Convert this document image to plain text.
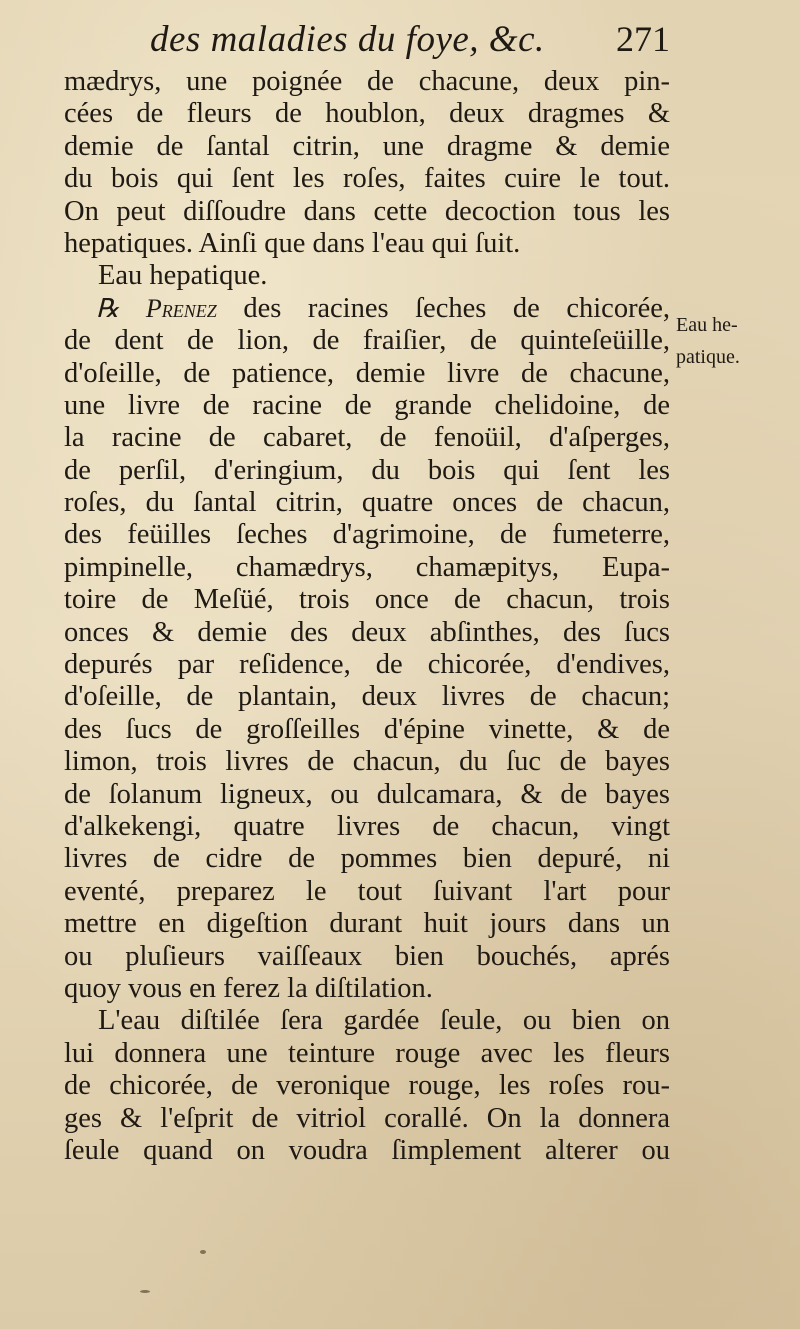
des maladies du foye, &c. 271
mædrys, une poignée de chacune, deux pin-
cées de fleurs de houblon, deux dragmes &
demie de ſantal citrin, une dragme & demie
du bois qui ſent les roſes, faites cuire le tout.
On peut diſſoudre dans cette decoction tous les
hepatiques. Ainſi que dans l'eau qui ſuit.
Eau hepatique.
℞ Prenez des racines ſeches de chicorée,
de dent de lion, de fraiſier, de quinteſeüille,
d'oſeille, de patience, demie livre de chacune,
une livre de racine de grande chelidoine, de
la racine de cabaret, de fenoüil, d'aſperges,
de perſil, d'eringium, du bois qui ſent les
roſes, du ſantal citrin, quatre onces de chacun,
des feüilles ſeches d'agrimoine, de fumeterre,
pimpinelle, chamædrys, chamæpitys, Eupa-
toire de Meſüé, trois once de chacun, trois
onces & demie des deux abſinthes, des ſucs
depurés par reſidence, de chicorée, d'endives,
d'oſeille, de plantain, deux livres de chacun;
des ſucs de groſſeilles d'épine vinette, & de
limon, trois livres de chacun, du ſuc de bayes
de ſolanum ligneux, ou dulcamara, & de bayes
d'alkekengi, quatre livres de chacun, vingt
livres de cidre de pommes bien depuré, ni
eventé, preparez le tout ſuivant l'art pour
mettre en digeſtion durant huit jours dans un
ou pluſieurs vaiſſeaux bien bouchés, aprés
quoy vous en ferez la diſtilation.
L'eau diſtilée ſera gardée ſeule, ou bien on
lui donnera une teinture rouge avec les fleurs
de chicorée, de veronique rouge, les roſes rou-
ges & l'eſprit de vitriol corallé. On la donnera
ſeule quand on voudra ſimplement alterer ou
Eau he-
patique.
